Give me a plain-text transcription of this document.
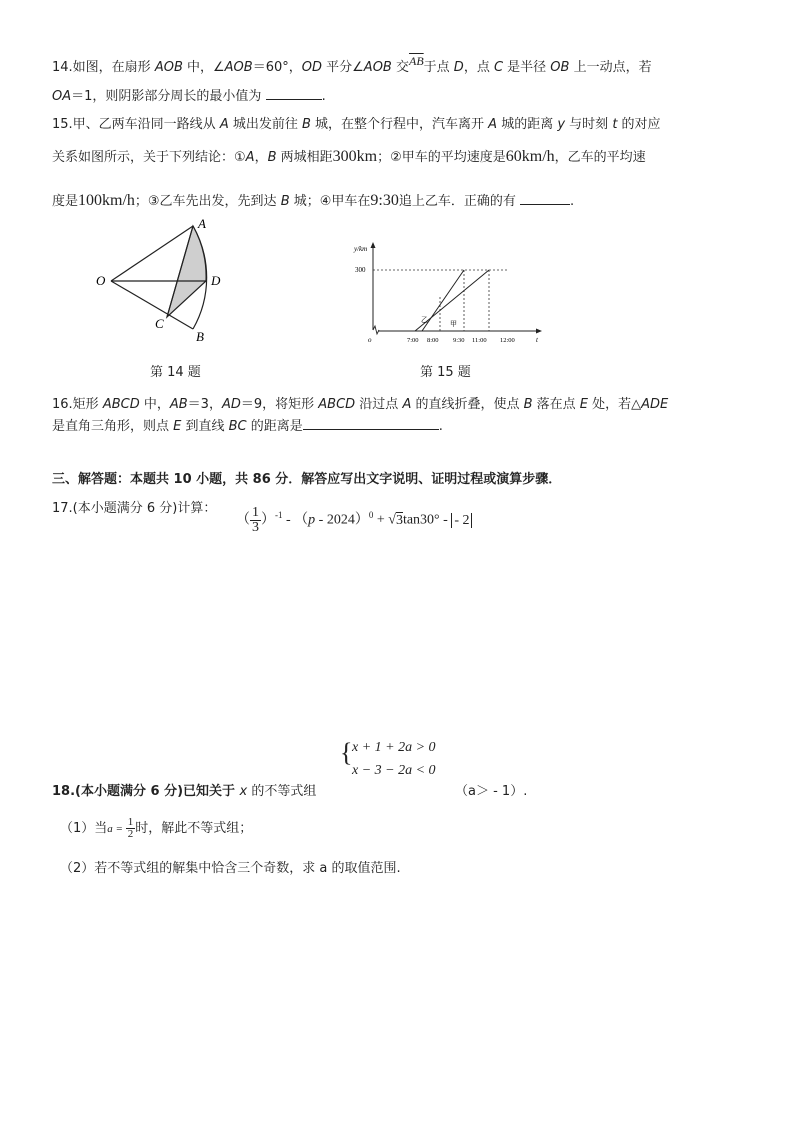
14.如图，在扇形 AOB 中，∠AOB＝60°，OD 平分∠AOB 交$\overline{AB}$于点 D，点 C 是半径 OB 上一动点，若
OA＝1，则阴影部分周长的最小值为	.
15.甲、乙两车沿同一路线从 A 城出发前往 B 城，在整个行程中，汽车离开 A 城的距离 y 与时刻 t 的对应
关系如图所示，关于下列结论：①A，B 两城相距300km；②甲车的平均速度是60km/h，乙车的平均速
度是100km/h；③乙车先出发，先到达 B 城；④甲车在9:30追上乙车．正确的有	.
O
A
D
C
B
第 14 题
y/km
300
o	t
7:00 8:00 9:30 11:00 12:00
乙	甲
第 15 题
16.矩形 ABCD 中，AB＝3，AD＝9，将矩形 ABCD 沿过点 A 的直线折叠，使点 B 落在点 E 处，若△ADE
是直角三角形，则点 E 到直线 BC 的距离是	.
三、解答题：本题共 10 小题，共 86 分．解答应写出文字说明、证明过程或演算步骤．
17.(本小题满分 6 分)计算：
（ $\frac{1}{3} )^{-1} - (p - 2024)^0 + √3\tan 30^\circ$ - - 2
{ x + 1 + 2a > 0
x − 3 − 2a < 0
18.(本小题满分 6 分)已知关于 x 的不等式组	（a＞ - 1）.
（1）当$a = \frac{1}{2}$ 时，解此不等式组；
（2）若不等式组的解集中恰含三个奇数，求 a 的取值范围.
